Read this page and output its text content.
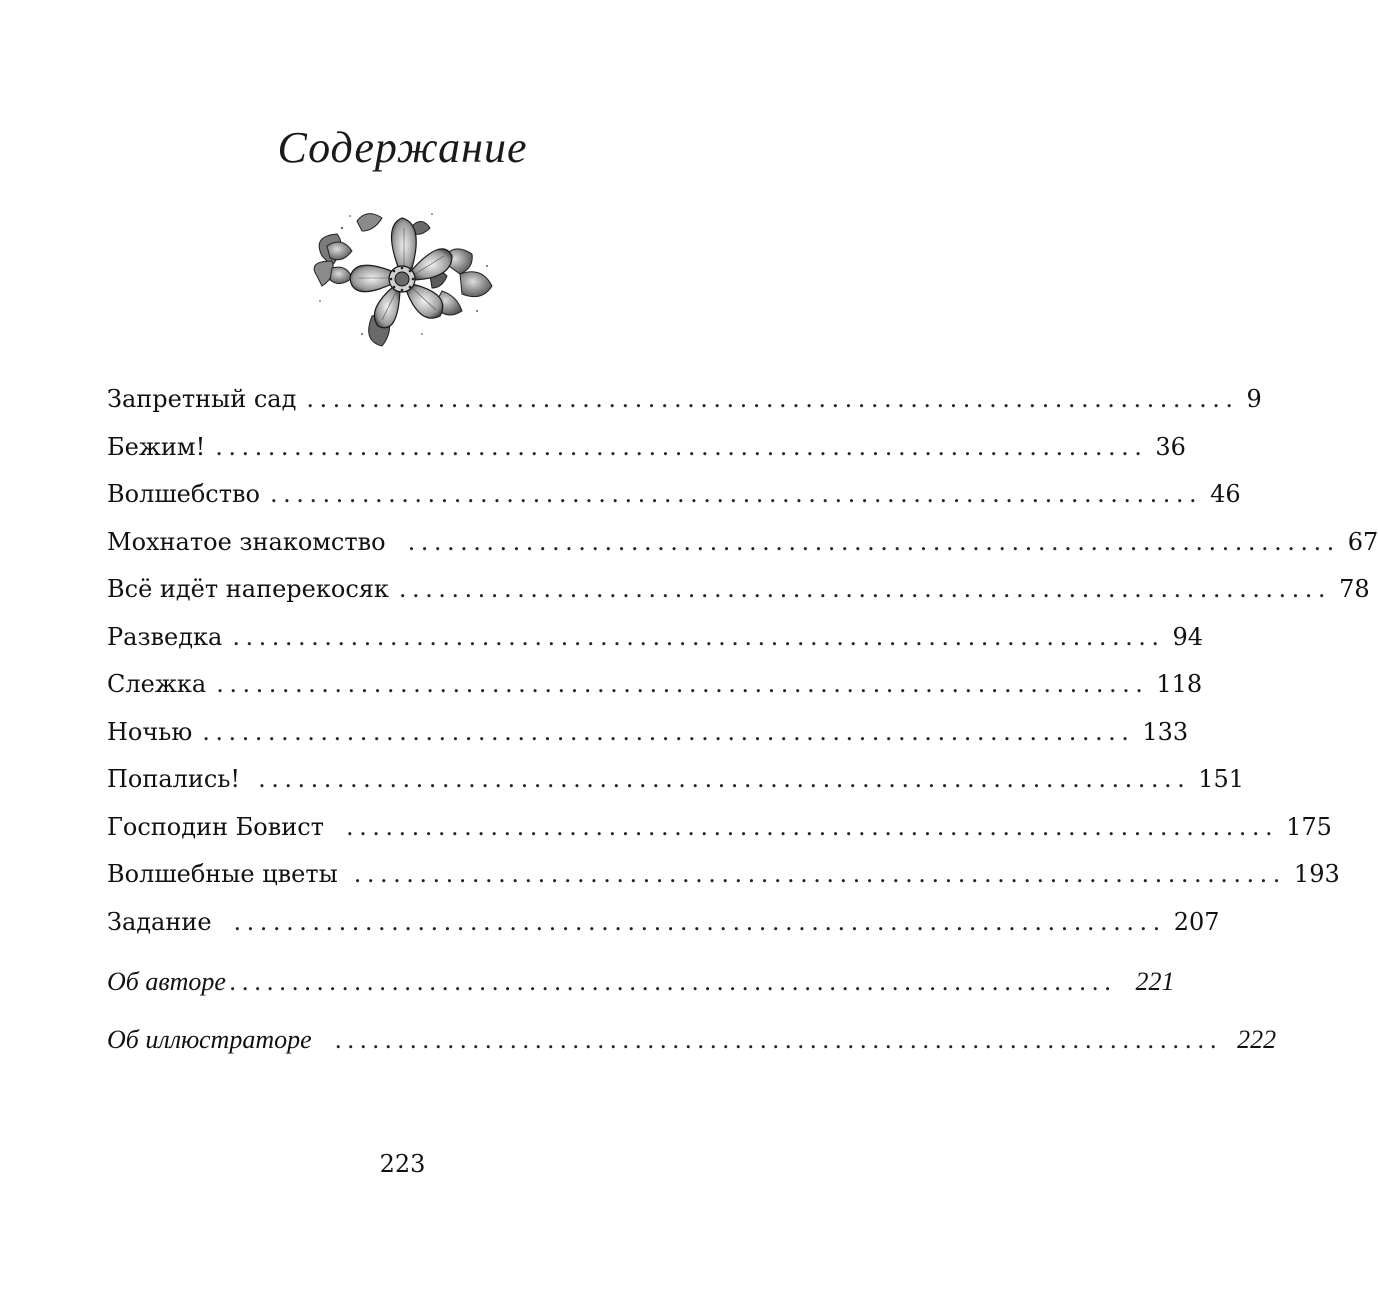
Содержание
Запретный сад ....................................................................... 9
Бежим! ....................................................................... 36
Волшебство ....................................................................... 46
Мохнатое знакомство ....................................................................... 67
Всё идёт наперекосяк ....................................................................... 78
Разведка ....................................................................... 94
Слежка ....................................................................... 118
Ночью ....................................................................... 133
Попались! ....................................................................... 151
Господин Бовист ....................................................................... 175
Волшебные цветы ....................................................................... 193
Задание ....................................................................... 207
Об авторе ....................................................................... 221
Об иллюстраторе ....................................................................... 222
223
